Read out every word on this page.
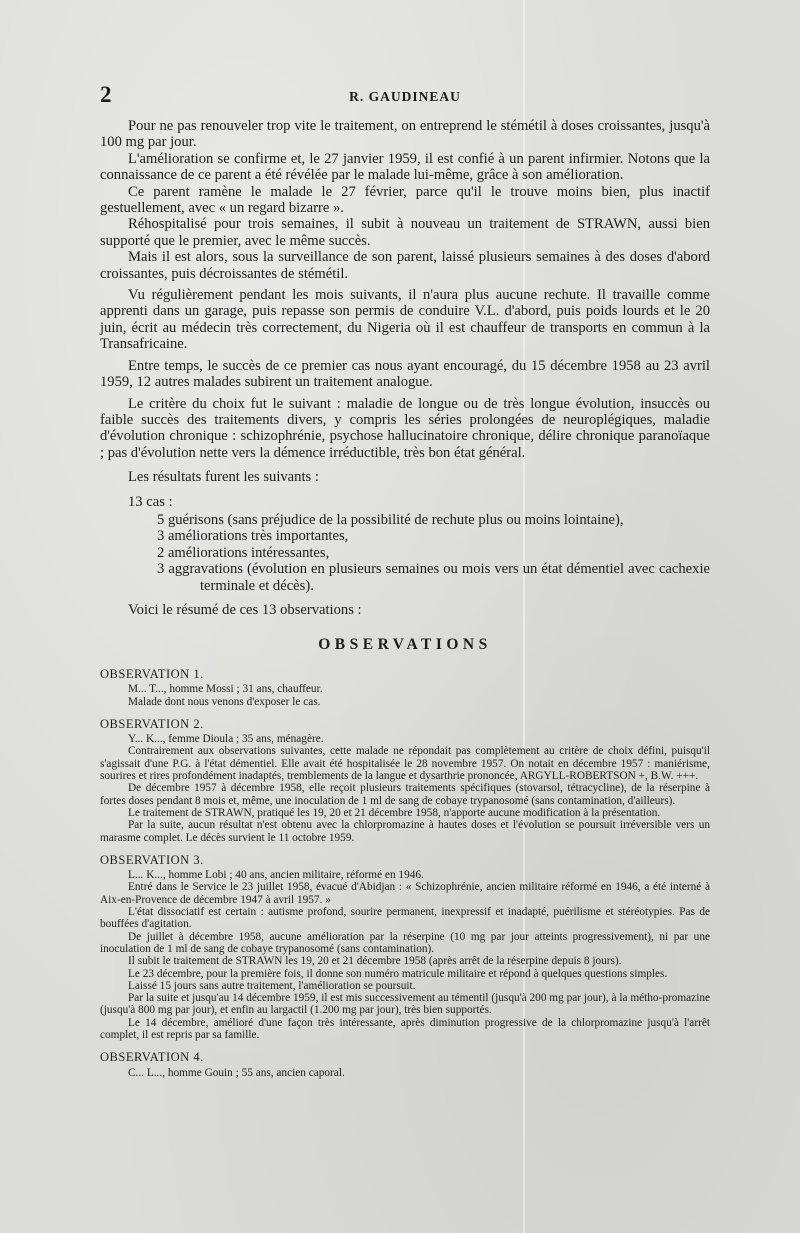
2	R. GAUDINEAU

Pour ne pas renouveler trop vite le traitement, on entreprend le stémétil à doses croissantes, jusqu'à 100 mg par jour.

L'amélioration se confirme et, le 27 janvier 1959, il est confié à un parent infirmier. Notons que la connaissance de ce parent a été révélée par le malade lui-même, grâce à son amélioration.

Ce parent ramène le malade le 27 février, parce qu'il le trouve moins bien, plus inactif gestuellement, avec « un regard bizarre ».

Réhospitalisé pour trois semaines, il subit à nouveau un traitement de STRAWN, aussi bien supporté que le premier, avec le même succès.

Mais il est alors, sous la surveillance de son parent, laissé plusieurs semaines à des doses d'abord croissantes, puis décroissantes de stémétil.

Vu régulièrement pendant les mois suivants, il n'aura plus aucune rechute. Il travaille comme apprenti dans un garage, puis repasse son permis de conduire V.L. d'abord, puis poids lourds et le 20 juin, écrit au médecin très correctement, du Nigeria où il est chauffeur de transports en commun à la Transafricaine.

Entre temps, le succès de ce premier cas nous ayant encouragé, du 15 décembre 1958 au 23 avril 1959, 12 autres malades subirent un traitement analogue.

Le critère du choix fut le suivant : maladie de longue ou de très longue évolution, insuccès ou faible succès des traitements divers, y compris les séries prolongées de neuroplégiques, maladie d'évolution chronique : schizophrénie, psychose hallucinatoire chronique, délire chronique paranoïaque ; pas d'évolution nette vers la démence irréductible, très bon état général.

Les résultats furent les suivants :

13 cas :

5 guérisons (sans préjudice de la possibilité de rechute plus ou moins lointaine),
3 améliorations très importantes,
2 améliorations intéressantes,
3 aggravations (évolution en plusieurs semaines ou mois vers un état démentiel avec cachexie terminale et décès).

Voici le résumé de ces 13 observations :

OBSERVATIONS
OBSERVATION 1.

M... T..., homme Mossi ; 31 ans, chauffeur.

Malade dont nous venons d'exposer le cas.

OBSERVATION 2.

Y... K..., femme Dioula ; 35 ans, ménagère.

Contrairement aux observations suivantes, cette malade ne répondait pas complètement au critère de choix défini, puisqu'il s'agissait d'une P.G. à l'état démentiel. Elle avait été hospitalisée le 28 novembre 1957. On notait en décembre 1957 : maniérisme, sourires et rires profondément inadaptés, tremblements de la langue et dysarthrie prononcée, ARGYLL-ROBERTSON +, B.W. +++.

De décembre 1957 à décembre 1958, elle reçoit plusieurs traitements spécifiques (stovarsol, tétracycline), de la réserpine à fortes doses pendant 8 mois et, même, une inoculation de 1 ml de sang de cobaye trypanosomé (sans contamination, d'ailleurs).

Le traitement de STRAWN, pratiqué les 19, 20 et 21 décembre 1958, n'apporte aucune modification à la présentation.

Par la suite, aucun résultat n'est obtenu avec la chlorpromazine à hautes doses et l'évolution se poursuit irréversible vers un marasme complet. Le décès survient le 11 octobre 1959.

OBSERVATION 3.

L... K..., homme Lobi ; 40 ans, ancien militaire, réformé en 1946.

Entré dans le Service le 23 juillet 1958, évacué d'Abidjan : « Schizophrénie, ancien militaire réformé en 1946, a été interné à Aix-en-Provence de décembre 1947 à avril 1957. »

L'état dissociatif est certain : autisme profond, sourire permanent, inexpressif et inadapté, puérilisme et stéréotypies. Pas de bouffées d'agitation.

De juillet à décembre 1958, aucune amélioration par la réserpine (10 mg par jour atteints progressivement), ni par une inoculation de 1 ml de sang de cobaye trypanosomé (sans contamination).

Il subit le traitement de STRAWN les 19, 20 et 21 décembre 1958 (après arrêt de la réserpine depuis 8 jours).

Le 23 décembre, pour la première fois, il donne son numéro matricule militaire et répond à quelques questions simples.

Laissé 15 jours sans autre traitement, l'amélioration se poursuit.

Par la suite et jusqu'au 14 décembre 1959, il est mis successivement au témentil (jusqu'à 200 mg par jour), à la métho-promazine (jusqu'à 800 mg par jour), et enfin au largactil (1.200 mg par jour), très bien supportés.

Le 14 décembre, amélioré d'une façon très intéressante, après diminution progressive de la chlorpromazine jusqu'à l'arrêt complet, il est repris par sa famille.

OBSERVATION 4.

C... L..., homme Gouin ; 55 ans, ancien caporal.
